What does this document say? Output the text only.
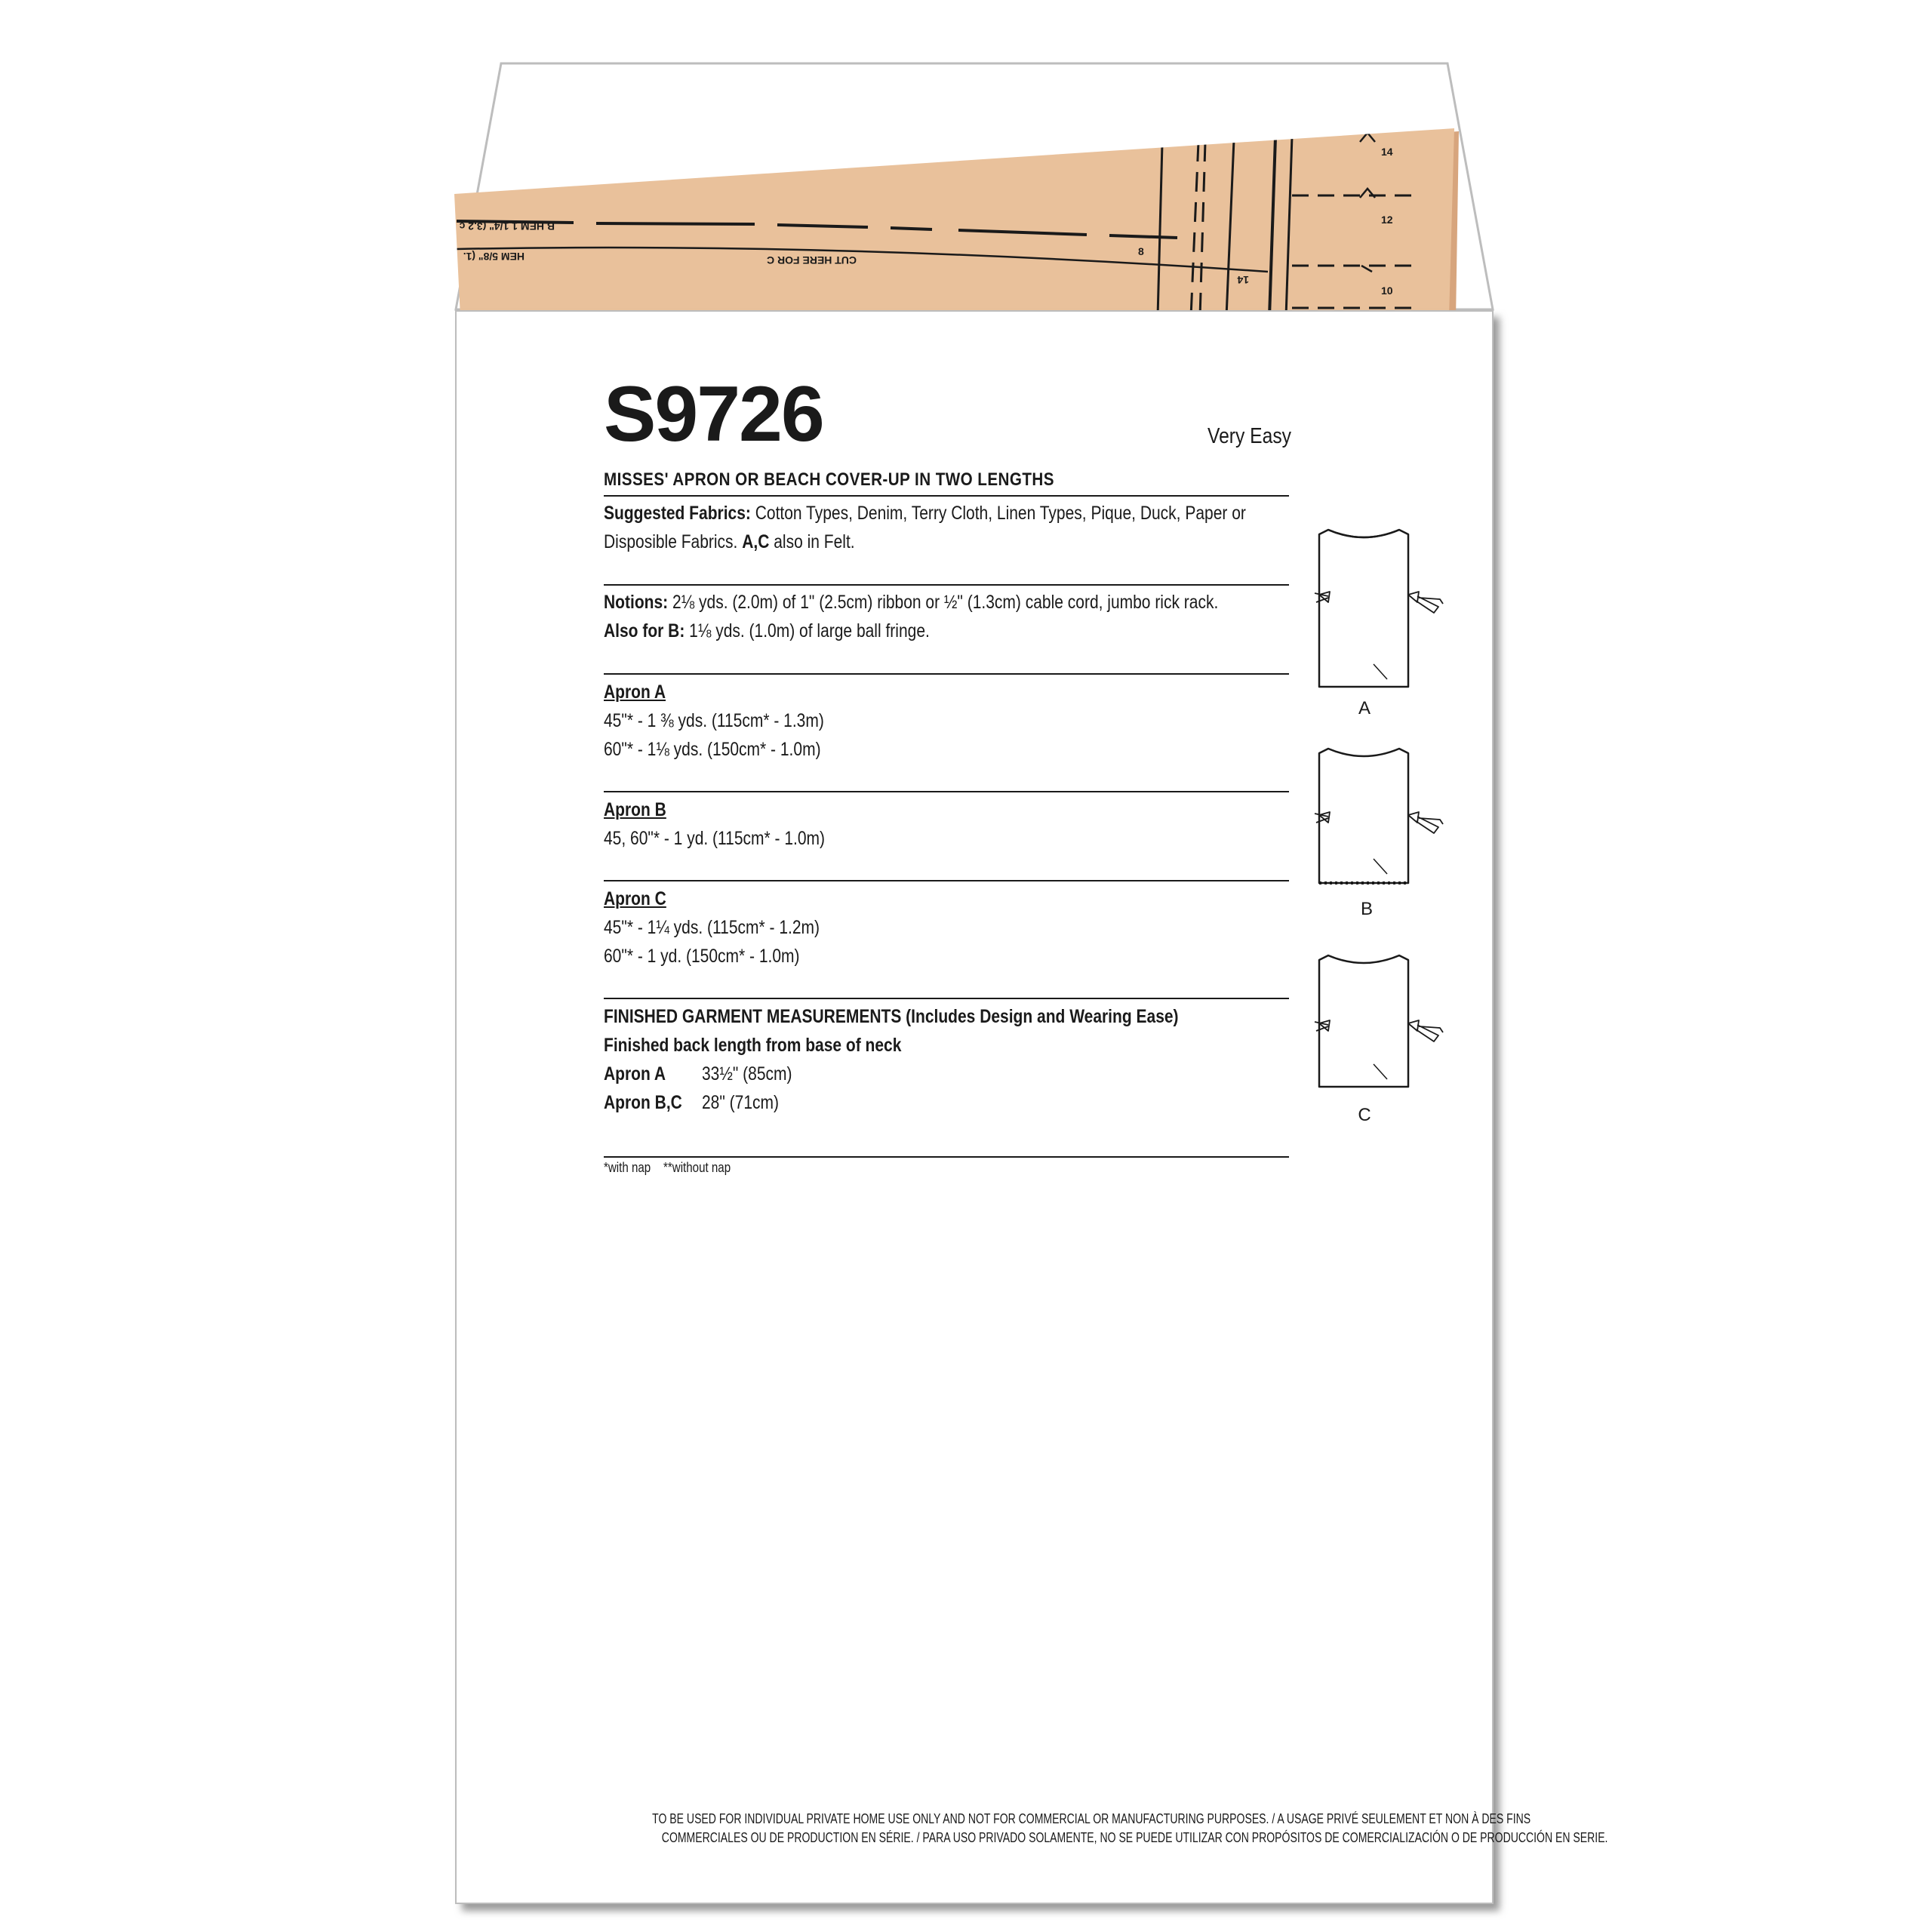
B HEM 1 1/4" (3.2 c
HEM 5/8" (1.	CUT HERE FOR C
8
14
14
12
10
S9726	Very Easy
MISSES' APRON OR BEACH COVER-UP IN TWO LENGTHS
Suggested Fabrics: Cotton Types, Denim, Terry Cloth, Linen Types, Pique, Duck, Paper or
Disposible Fabrics. A,C also in Felt.
Notions: 2⅛ yds. (2.0m) of 1" (2.5cm) ribbon or ½" (1.3cm) cable cord, jumbo rick rack.
Also for B: 1⅛ yds. (1.0m) of large ball fringe.
Apron A
45"* - 1 ⅜ yds. (115cm* - 1.3m)
60"* - 1⅛ yds. (150cm* - 1.0m)
Apron B
45, 60"* - 1 yd. (115cm* - 1.0m)
Apron C
45"* - 1¼ yds. (115cm* - 1.2m)
60"* - 1 yd. (150cm* - 1.0m)
FINISHED GARMENT MEASUREMENTS (Includes Design and Wearing Ease)
Finished back length from base of neck
Apron A	33½" (85cm)
Apron B,C	28" (71cm)
*with nap    **without nap
A
B
C
TO BE USED FOR INDIVIDUAL PRIVATE HOME USE ONLY AND NOT FOR COMMERCIAL OR MANUFACTURING PURPOSES. / A USAGE PRIVÉ SEULEMENT ET NON À DES FINS
COMMERCIALES OU DE PRODUCTION EN SÉRIE. / PARA USO PRIVADO SOLAMENTE, NO SE PUEDE UTILIZAR CON PROPÓSITOS DE COMERCIALIZACIÓN O DE PRODUCCIÓN EN SERIE.
